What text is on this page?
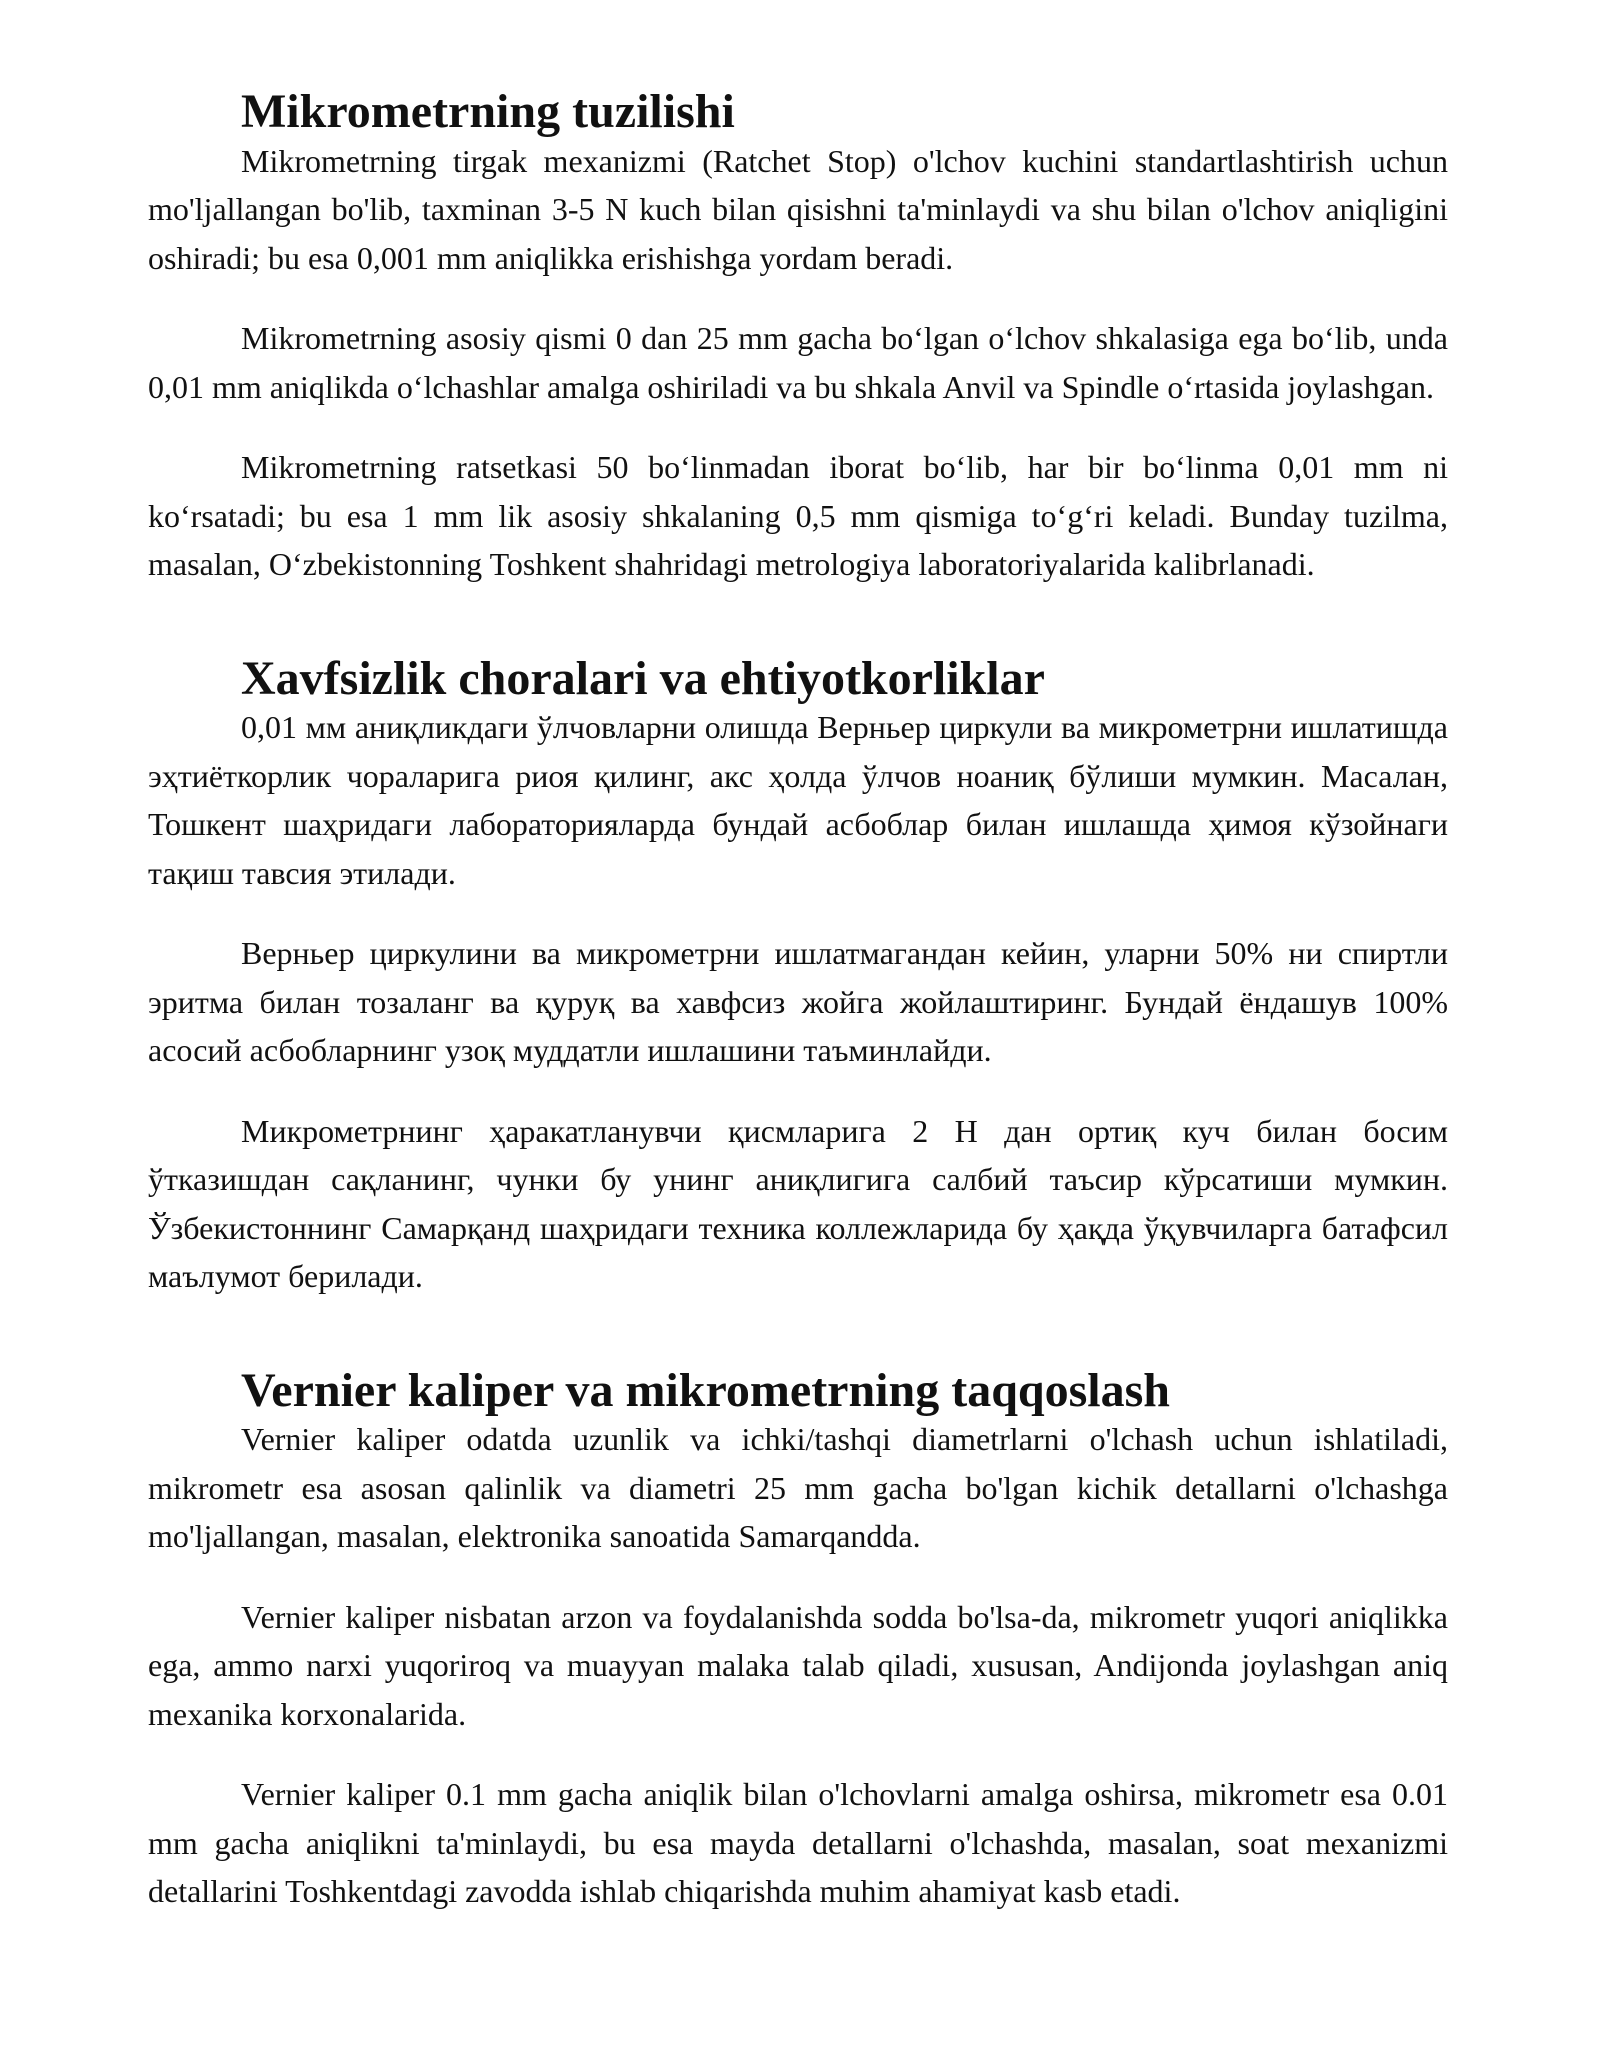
Mikrometrning tuzilishi

Mikrometrning tirgak mexanizmi (Ratchet Stop) o'lchov kuchini standartlashtirish uchun mo'ljallangan bo'lib, taxminan 3-5 N kuch bilan qisishni ta'minlaydi va shu bilan o'lchov aniqligini oshiradi; bu esa 0,001 mm aniqlikka erishishga yordam beradi.

Mikrometrning asosiy qismi 0 dan 25 mm gacha bo‘lgan o‘lchov shkalasiga ega bo‘lib, unda 0,01 mm aniqlikda o‘lchashlar amalga oshiriladi va bu shkala Anvil va Spindle o‘rtasida joylashgan.

Mikrometrning ratsetkasi 50 bo‘linmadan iborat bo‘lib, har bir bo‘linma 0,01 mm ni ko‘rsatadi; bu esa 1 mm lik asosiy shkalaning 0,5 mm qismiga to‘g‘ri keladi. Bunday tuzilma, masalan, O‘zbekistonning Toshkent shahridagi metrologiya laboratoriyalarida kalibrlanadi.

Xavfsizlik choralari va ehtiyotkorliklar

0,01 мм аниқликдаги ўлчовларни олишда Верньер циркули ва микрометрни ишлатишда эҳтиёткорлик чораларига риоя қилинг, акс ҳолда ўлчов ноаниқ бўлиши мумкин. Масалан, Тошкент шаҳридаги лабораторияларда бундай асбоблар билан ишлашда ҳимоя кўзойнаги тақиш тавсия этилади.

Верньер циркулини ва микрометрни ишлатмагандан кейин, уларни 50% ни спиртли эритма билан тозаланг ва қуруқ ва хавфсиз жойга жойлаштиринг. Бундай ёндашув 100% асосий асбобларнинг узоқ муддатли ишлашини таъминлайди.

Микрометрнинг ҳаракатланувчи қисмларига 2 Н дан ортиқ куч билан босим ўтказишдан сақланинг, чунки бу унинг аниқлигига салбий таъсир кўрсатиши мумкин. Ўзбекистоннинг Самарқанд шаҳридаги техника коллежларида бу ҳақда ўқувчиларга батафсил маълумот берилади.

Vernier kaliper va mikrometrning taqqoslash

Vernier kaliper odatda uzunlik va ichki/tashqi diametrlarni o'lchash uchun ishlatiladi, mikrometr esa asosan qalinlik va diametri 25 mm gacha bo'lgan kichik detallarni o'lchashga mo'ljallangan, masalan, elektronika sanoatida Samarqandda.

Vernier kaliper nisbatan arzon va foydalanishda sodda bo'lsa-da, mikrometr yuqori aniqlikka ega, ammo narxi yuqoriroq va muayyan malaka talab qiladi, xususan, Andijonda joylashgan aniq mexanika korxonalarida.

Vernier kaliper 0.1 mm gacha aniqlik bilan o'lchovlarni amalga oshirsa, mikrometr esa 0.01 mm gacha aniqlikni ta'minlaydi, bu esa mayda detallarni o'lchashda, masalan, soat mexanizmi detallarini Toshkentdagi zavodda ishlab chiqarishda muhim ahamiyat kasb etadi.
